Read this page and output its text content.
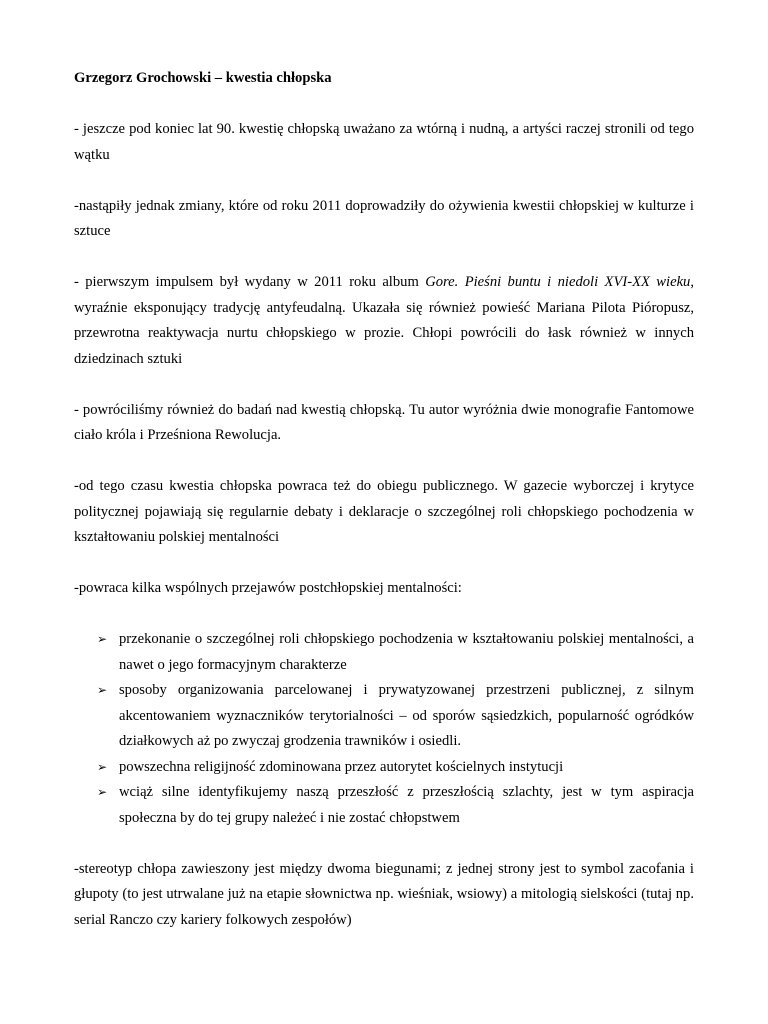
Grzegorz Grochowski – kwestia chłopska

- jeszcze pod koniec lat 90. kwestię chłopską uważano za wtórną i nudną, a artyści raczej stronili od tego wątku

-nastąpiły jednak zmiany, które od roku 2011 doprowadziły do ożywienia kwestii chłopskiej w kulturze i sztuce

- pierwszym impulsem był wydany w 2011 roku album Gore. Pieśni buntu i niedoli XVI-XX wieku, wyraźnie eksponujący tradycję antyfeudalną. Ukazała się również powieść Mariana Pilota Pióropusz, przewrotna reaktywacja nurtu chłopskiego w prozie. Chłopi powrócili do łask również w innych dziedzinach sztuki

- powróciliśmy również do badań nad kwestią chłopską. Tu autor wyróżnia dwie monografie Fantomowe ciało króla i Prześniona Rewolucja.

-od tego czasu kwestia chłopska powraca też do obiegu publicznego. W gazecie wyborczej i krytyce politycznej pojawiają się regularnie debaty i deklaracje o szczególnej roli chłopskiego pochodzenia w kształtowaniu polskiej mentalności

-powraca kilka wspólnych przejawów postchłopskiej mentalności:

➢ przekonanie o szczególnej roli chłopskiego pochodzenia w kształtowaniu polskiej mentalności, a nawet o jego formacyjnym charakterze
➢ sposoby organizowania parcelowanej i prywatyzowanej przestrzeni publicznej, z silnym akcentowaniem wyznaczników terytorialności – od sporów sąsiedzkich, popularność ogródków działkowych aż po zwyczaj grodzenia trawników i osiedli.
➢ powszechna religijność zdominowana przez autorytet kościelnych instytucji
➢ wciąż silne identyfikujemy naszą przeszłość z przeszłością szlachty, jest w tym aspiracja społeczna by do tej grupy należeć i nie zostać chłopstwem

-stereotyp chłopa zawieszony jest między dwoma biegunami; z jednej strony jest to symbol zacofania i głupoty (to jest utrwalane już na etapie słownictwa np. wieśniak, wsiowy) a mitologią sielskości (tutaj np. serial Ranczo czy kariery folkowych zespołów)
